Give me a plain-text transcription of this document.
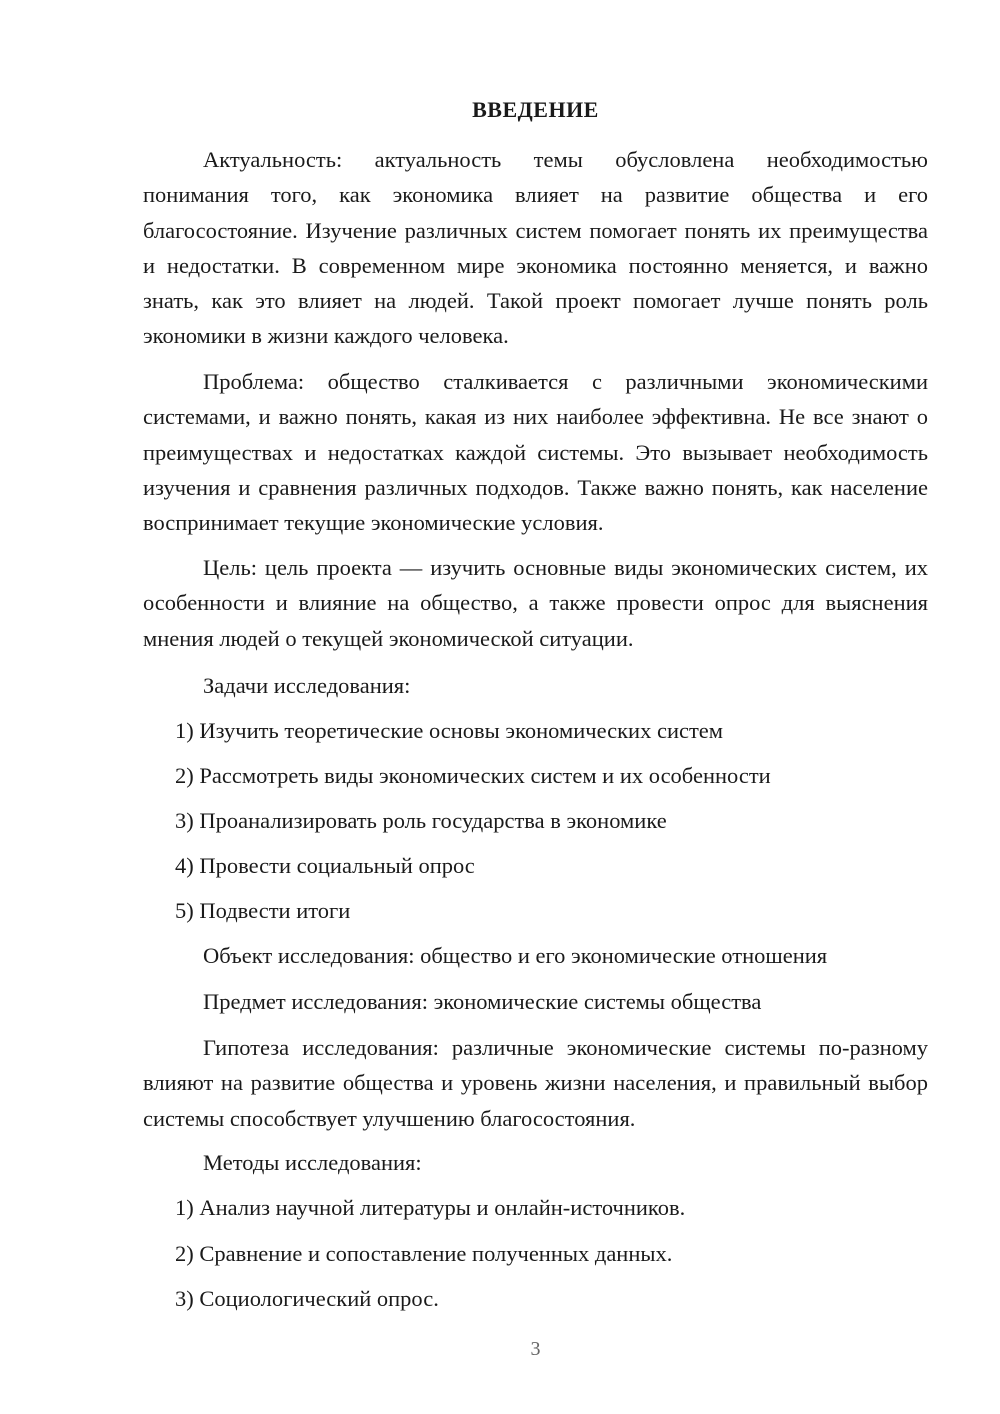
ВВЕДЕНИЕ

Актуальность: актуальность темы обусловлена необходимостью понимания того, как экономика влияет на развитие общества и его благосостояние. Изучение различных систем помогает понять их преимущества и недостатки. В современном мире экономика постоянно меняется, и важно знать, как это влияет на людей. Такой проект помогает лучше понять роль экономики в жизни каждого человека.

Проблема: общество сталкивается с различными экономическими системами, и важно понять, какая из них наиболее эффективна. Не все знают о преимуществах и недостатках каждой системы. Это вызывает необходимость изучения и сравнения различных подходов. Также важно понять, как население воспринимает текущие экономические условия.

Цель: цель проекта — изучить основные виды экономических систем, их особенности и влияние на общество, а также провести опрос для выяснения мнения людей о текущей экономической ситуации.

Задачи исследования:
1) Изучить теоретические основы экономических систем
2) Рассмотреть виды экономических систем и их особенности
3) Проанализировать роль государства в экономике
4) Провести социальный опрос
5) Подвести итоги
Объект исследования: общество и его экономические отношения
Предмет исследования: экономические системы общества

Гипотеза исследования: различные экономические системы по-разному влияют на развитие общества и уровень жизни населения, и правильный выбор системы способствует улучшению благосостояния.

Методы исследования:
1) Анализ научной литературы и онлайн-источников.
2) Сравнение и сопоставление полученных данных.
3) Социологический опрос.
3
